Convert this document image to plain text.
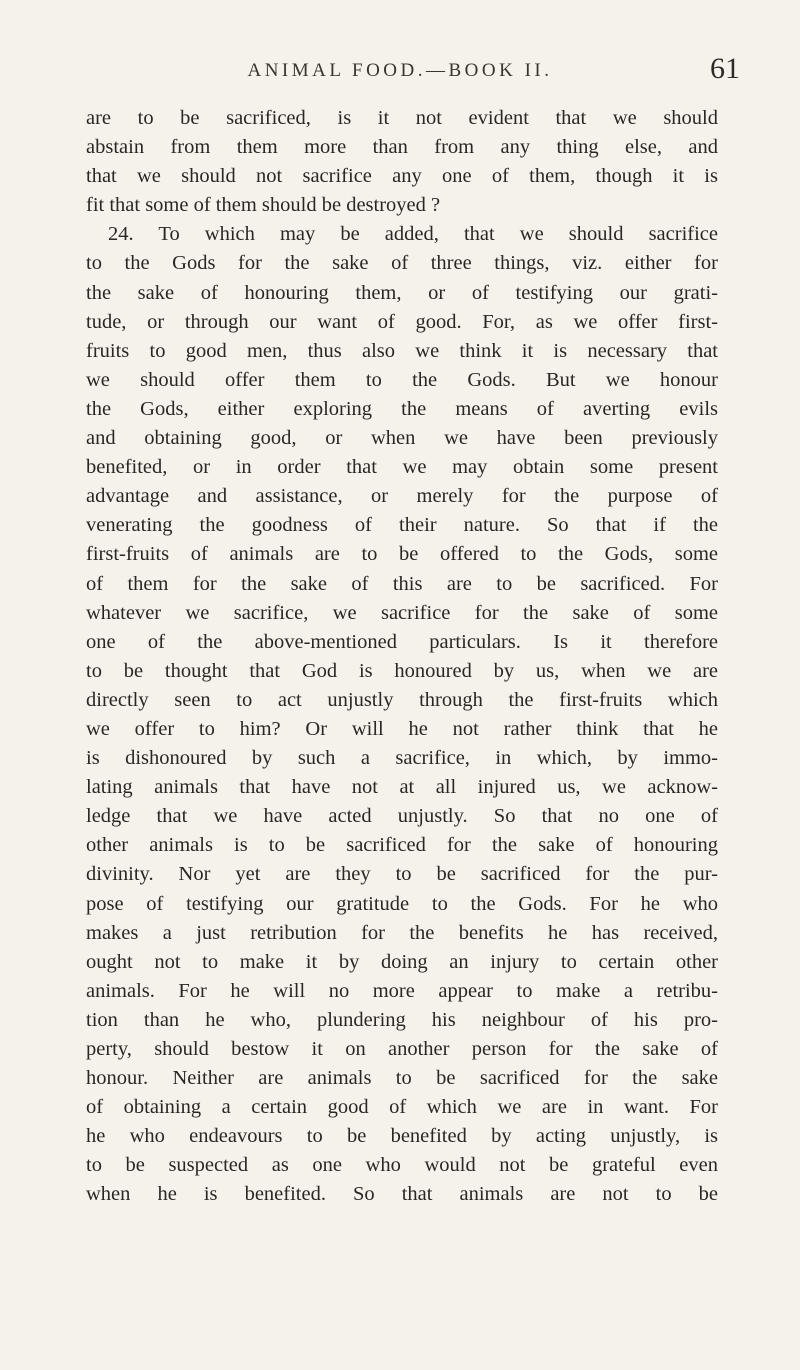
ANIMAL FOOD.—BOOK II.	61
are to be sacrificed, is it not evident that we should
abstain from them more than from any thing else, and
that we should not sacrifice any one of them, though it is
fit that some of them should be destroyed ?
24. To which may be added, that we should sacrifice
to the Gods for the sake of three things, viz. either for
the sake of honouring them, or of testifying our grati-
tude, or through our want of good. For, as we offer first-
fruits to good men, thus also we think it is necessary that
we should offer them to the Gods. But we honour
the Gods, either exploring the means of averting evils
and obtaining good, or when we have been previously
benefited, or in order that we may obtain some present
advantage and assistance, or merely for the purpose of
venerating the goodness of their nature. So that if the
first-fruits of animals are to be offered to the Gods, some
of them for the sake of this are to be sacrificed. For
whatever we sacrifice, we sacrifice for the sake of some
one of the above-mentioned particulars. Is it therefore
to be thought that God is honoured by us, when we are
directly seen to act unjustly through the first-fruits which
we offer to him? Or will he not rather think that he
is dishonoured by such a sacrifice, in which, by immo-
lating animals that have not at all injured us, we acknow-
ledge that we have acted unjustly. So that no one of
other animals is to be sacrificed for the sake of honouring
divinity. Nor yet are they to be sacrificed for the pur-
pose of testifying our gratitude to the Gods. For he who
makes a just retribution for the benefits he has received,
ought not to make it by doing an injury to certain other
animals. For he will no more appear to make a retribu-
tion than he who, plundering his neighbour of his pro-
perty, should bestow it on another person for the sake of
honour. Neither are animals to be sacrificed for the sake
of obtaining a certain good of which we are in want. For
he who endeavours to be benefited by acting unjustly, is
to be suspected as one who would not be grateful even
when he is benefited. So that animals are not to be
